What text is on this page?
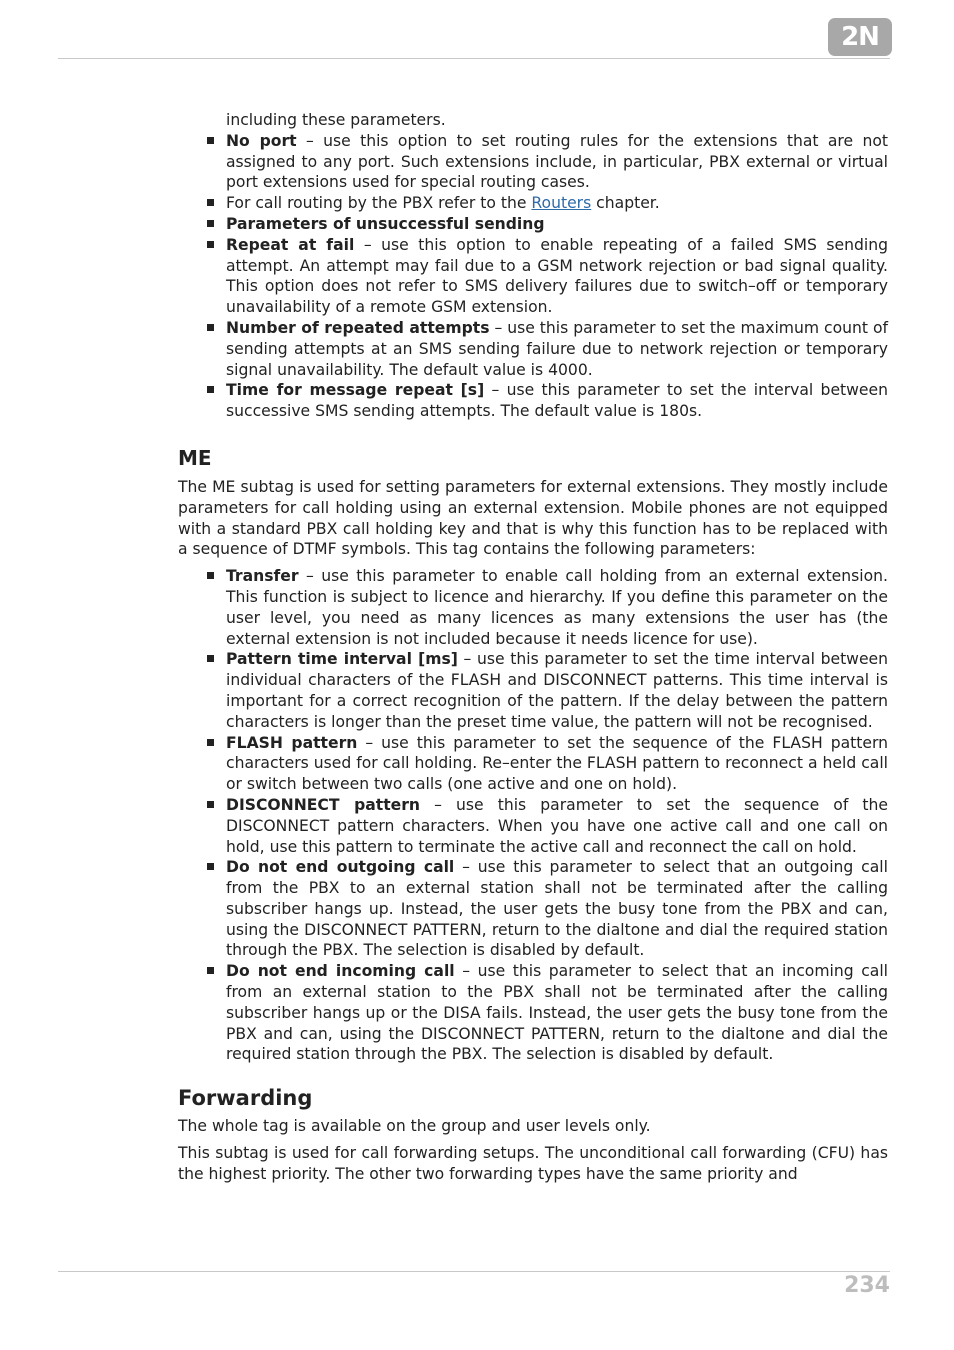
2N

including these parameters.

No port – use this option to set routing rules for the extensions that are not assigned to any port. Such extensions include, in particular, PBX external or virtual port extensions used for special routing cases.
For call routing by the PBX refer to the Routers chapter.
Parameters of unsuccessful sending
Repeat at fail – use this option to enable repeating of a failed SMS sending attempt. An attempt may fail due to a GSM network rejection or bad signal quality. This option does not refer to SMS delivery failures due to switch–off or temporary unavailability of a remote GSM extension.
Number of repeated attempts – use this parameter to set the maximum count of sending attempts at an SMS sending failure due to network rejection or temporary signal unavailability. The default value is 4000.
Time for message repeat [s] – use this parameter to set the interval between successive SMS sending attempts. The default value is 180s.
ME

The ME subtag is used for setting parameters for external extensions. They mostly include parameters for call holding using an external extension. Mobile phones are not equipped with a standard PBX call holding key and that is why this function has to be replaced with a sequence of DTMF symbols. This tag contains the following parameters:

Transfer – use this parameter to enable call holding from an external extension. This function is subject to licence and hierarchy. If you define this parameter on the user level, you need as many licences as many extensions the user has (the external extension is not included because it needs licence for use).
Pattern time interval [ms] – use this parameter to set the time interval between individual characters of the FLASH and DISCONNECT patterns. This time interval is important for a correct recognition of the pattern. If the delay between the pattern characters is longer than the preset time value, the pattern will not be recognised.
FLASH pattern – use this parameter to set the sequence of the FLASH pattern characters used for call holding. Re–enter the FLASH pattern to reconnect a held call or switch between two calls (one active and one on hold).
DISCONNECT pattern – use this parameter to set the sequence of the DISCONNECT pattern characters. When you have one active call and one call on hold, use this pattern to terminate the active call and reconnect the call on hold.
Do not end outgoing call – use this parameter to select that an outgoing call from the PBX to an external station shall not be terminated after the calling subscriber hangs up. Instead, the user gets the busy tone from the PBX and can, using the DISCONNECT PATTERN, return to the dialtone and dial the required station through the PBX. The selection is disabled by default.
Do not end incoming call – use this parameter to select that an incoming call from an external station to the PBX shall not be terminated after the calling subscriber hangs up or the DISA fails. Instead, the user gets the busy tone from the PBX and can, using the DISCONNECT PATTERN, return to the dialtone and dial the required station through the PBX. The selection is disabled by default.
Forwarding

The whole tag is available on the group and user levels only.

This subtag is used for call forwarding setups. The unconditional call forwarding (CFU) has the highest priority. The other two forwarding types have the same priority and

234
